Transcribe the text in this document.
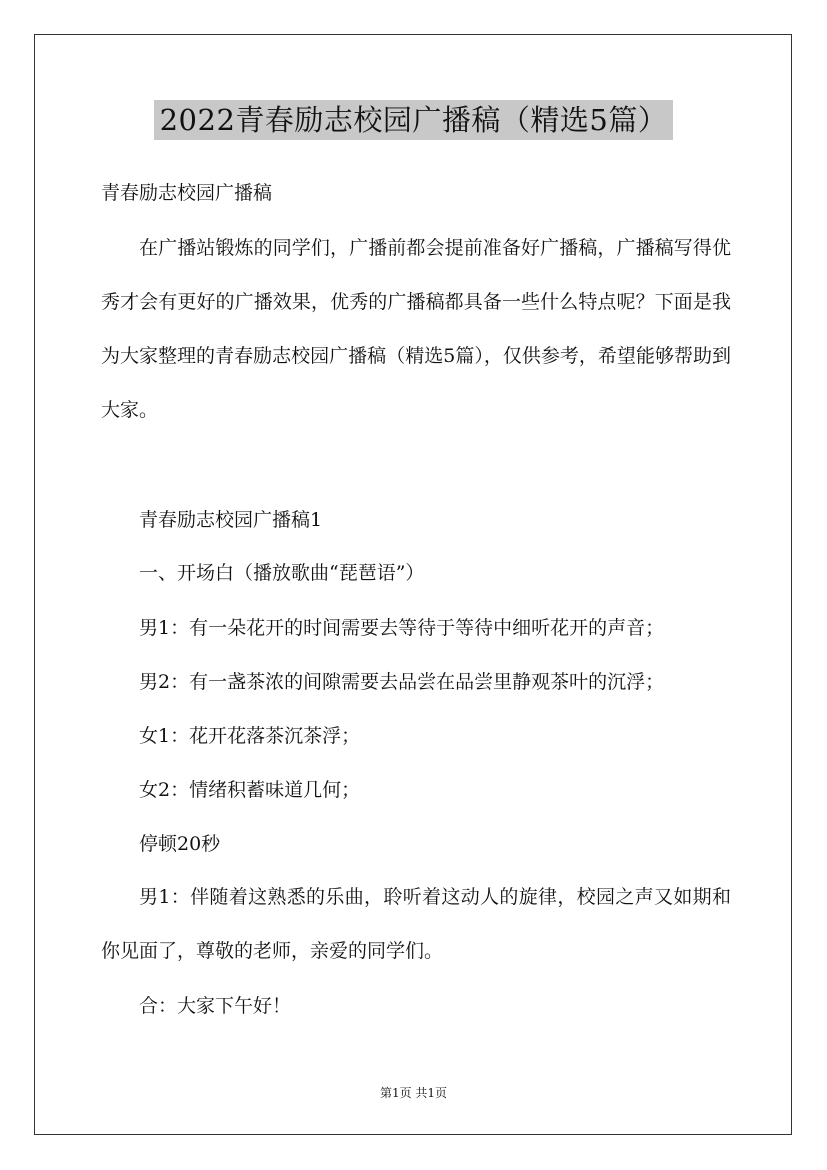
2022青春励志校园广播稿（精选5篇）
青春励志校园广播稿
在广播站锻炼的同学们，广播前都会提前准备好广播稿，广播稿写得优秀才会有更好的广播效果，优秀的广播稿都具备一些什么特点呢？下面是我为大家整理的青春励志校园广播稿（精选5篇），仅供参考，希望能够帮助到大家。
青春励志校园广播稿1
一、开场白（播放歌曲“琵琶语”）
男1：有一朵花开的时间需要去等待于等待中细听花开的声音；
男2：有一盏茶浓的间隙需要去品尝在品尝里静观茶叶的沉浮；
女1：花开花落茶沉茶浮；
女2：情绪积蓄味道几何；
停顿20秒
男1：伴随着这熟悉的乐曲，聆听着这动人的旋律，校园之声又如期和你见面了，尊敬的老师，亲爱的同学们。
合：大家下午好！
第1页 共1页
